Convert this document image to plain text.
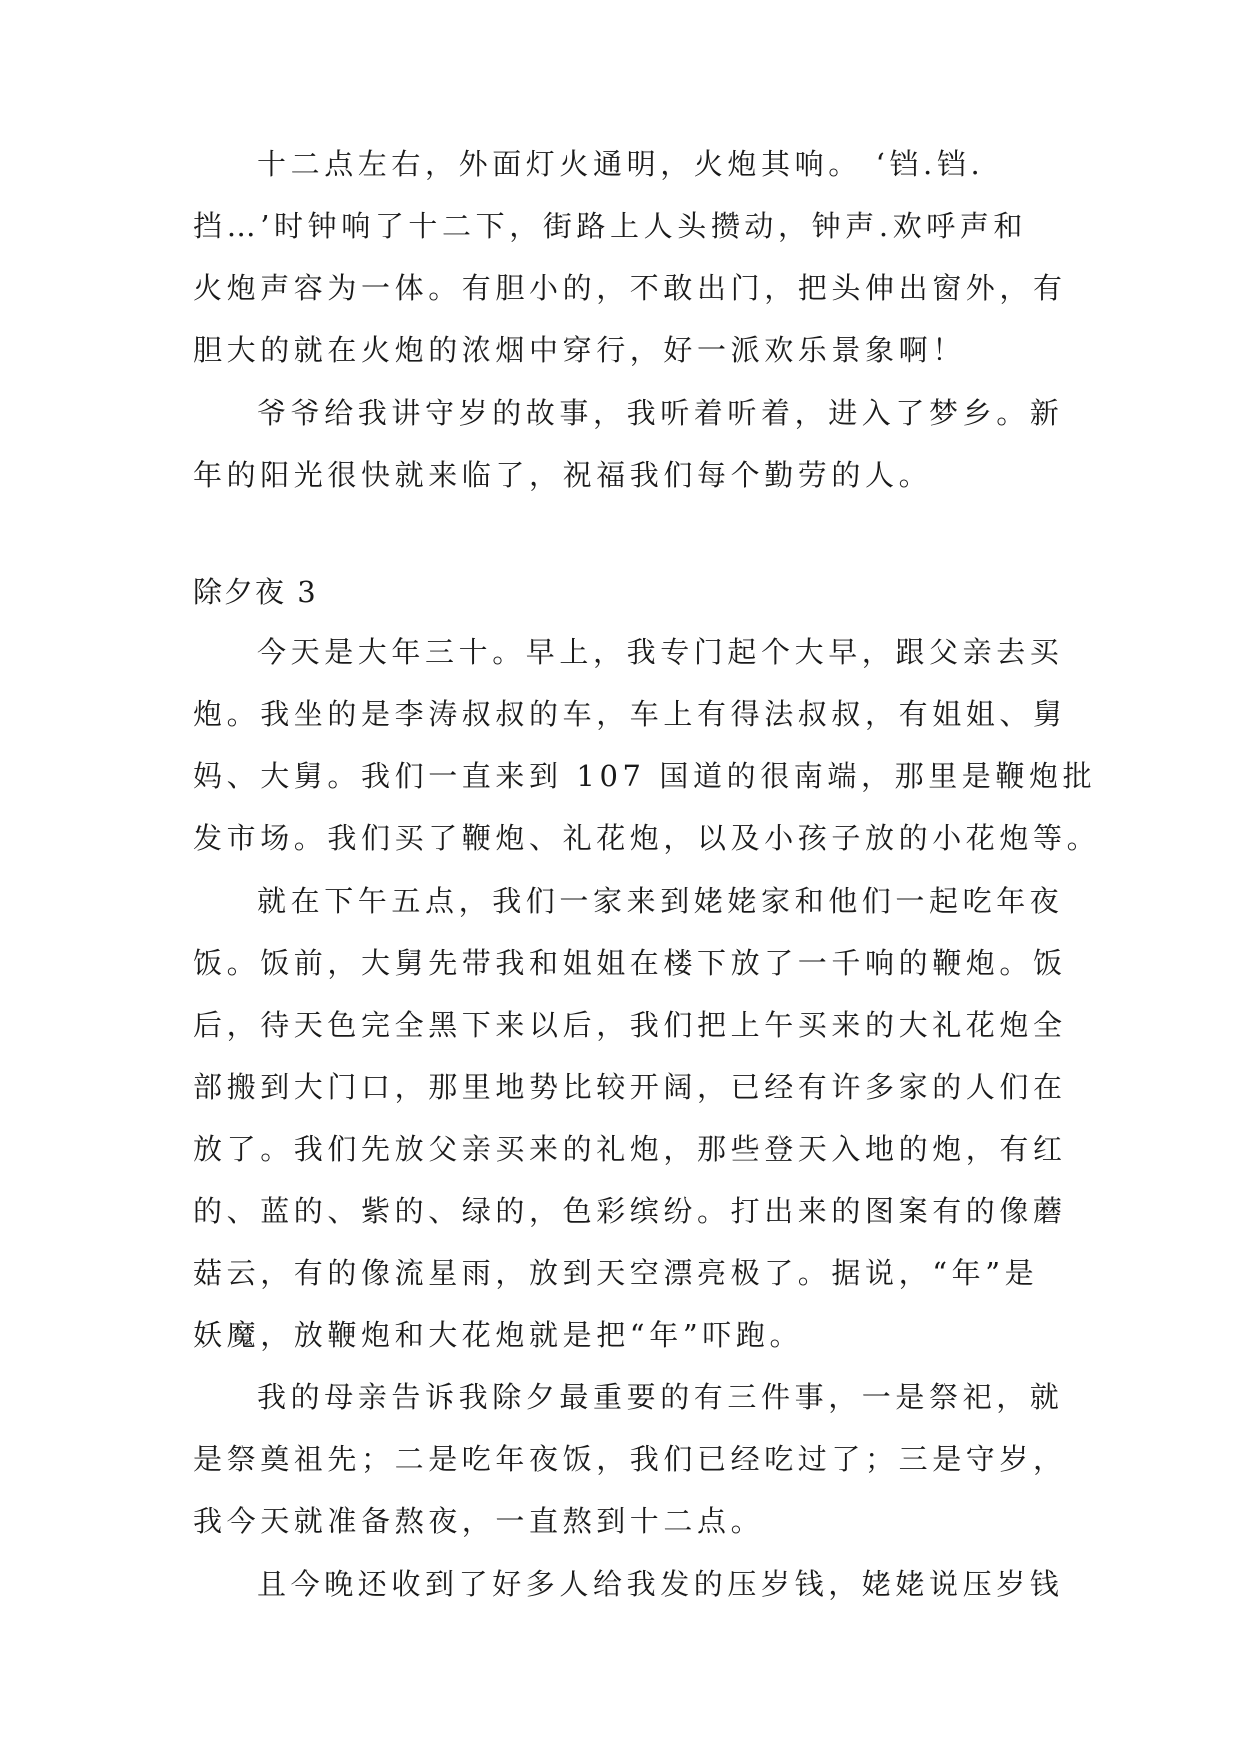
十二点左右，外面灯火通明，火炮其响。 ‘铛.铛.
挡…’时钟响了十二下，街路上人头攒动，钟声.欢呼声和
火炮声容为一体。有胆小的，不敢出门，把头伸出窗外，有
胆大的就在火炮的浓烟中穿行，好一派欢乐景象啊！
爷爷给我讲守岁的故事，我听着听着，进入了梦乡。新
年的阳光很快就来临了，祝福我们每个勤劳的人。
除夕夜 3
今天是大年三十。早上，我专门起个大早，跟父亲去买
炮。我坐的是李涛叔叔的车，车上有得法叔叔，有姐姐、舅
妈、大舅。我们一直来到 107 国道的很南端，那里是鞭炮批
发市场。我们买了鞭炮、礼花炮，以及小孩子放的小花炮等。
就在下午五点，我们一家来到姥姥家和他们一起吃年夜
饭。饭前，大舅先带我和姐姐在楼下放了一千响的鞭炮。饭
后，待天色完全黑下来以后，我们把上午买来的大礼花炮全
部搬到大门口，那里地势比较开阔，已经有许多家的人们在
放了。我们先放父亲买来的礼炮，那些登天入地的炮，有红
的、蓝的、紫的、绿的，色彩缤纷。打出来的图案有的像蘑
菇云，有的像流星雨，放到天空漂亮极了。据说，“年”是
妖魔，放鞭炮和大花炮就是把“年”吓跑。
我的母亲告诉我除夕最重要的有三件事，一是祭祀，就
是祭奠祖先；二是吃年夜饭，我们已经吃过了；三是守岁，
我今天就准备熬夜，一直熬到十二点。
且今晚还收到了好多人给我发的压岁钱，姥姥说压岁钱
